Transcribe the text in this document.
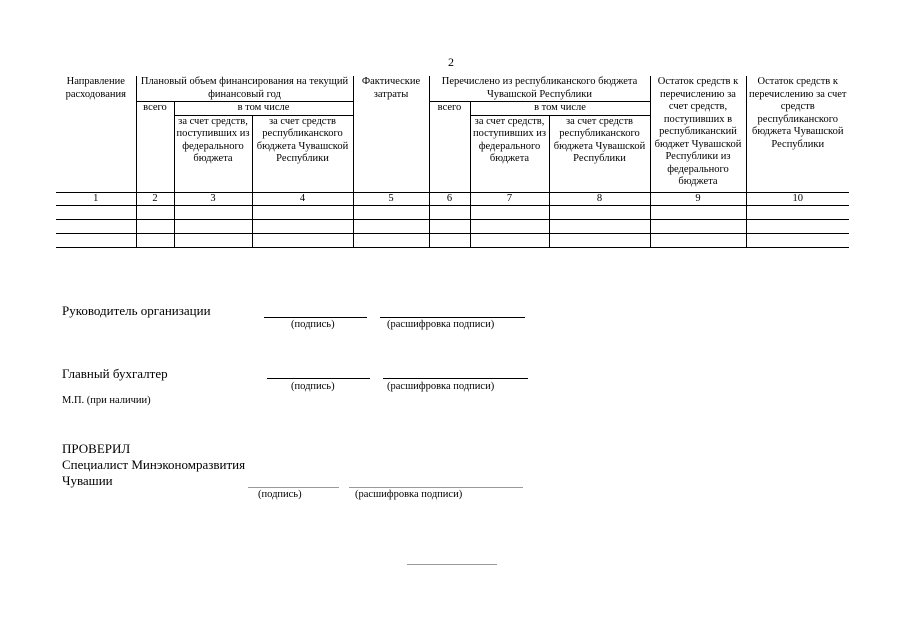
2
Направление расходования	Плановый объем финансирования на текущий финансовый год			Фактические затраты	Перечислено из республиканского бюджета Чувашской Республики			Остаток средств к перечислению за счет средств, поступивших в республиканский бюджет Чувашской Республики из федерального бюджета	Остаток средств к перечислению за счет средств республиканского бюджета Чувашской Республики
	всего	в том числе			всего	в том числе			
		за счет средств, поступивших из федерального бюджета	за счет средств республиканского бюджета Чувашской Республики			за счет средств, поступивших из федерального бюджета	за счет средств республиканского бюджета Чувашской Республики		
1	2	3	4	5	6	7	8	9	10

Руководитель организации
(подпись)	(расшифровка подписи)
Главный бухгалтер
(подпись)	(расшифровка подписи)
М.П. (при наличии)
ПРОВЕРИЛ
Специалист Минэкономразвития
Чувашии
(подпись)	(расшифровка подписи)
